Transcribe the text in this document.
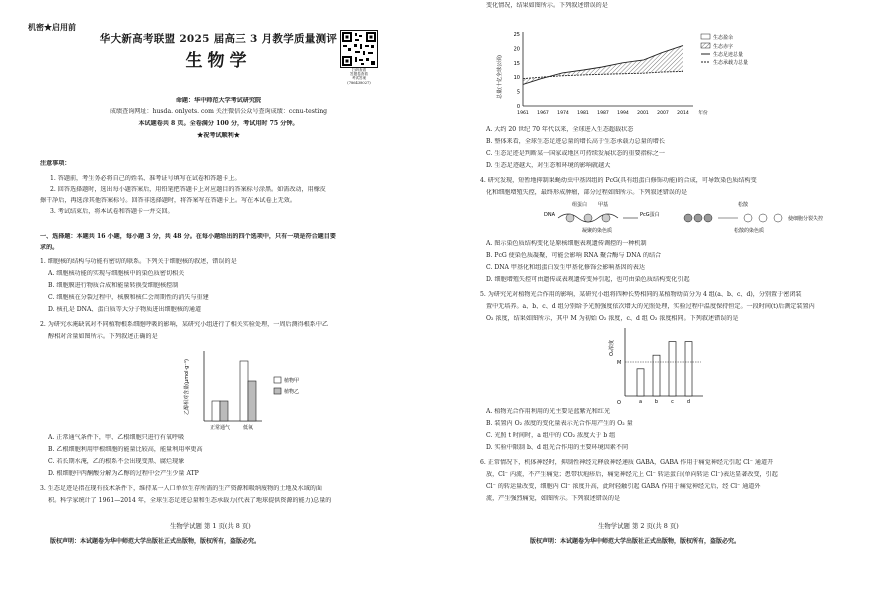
机密★启用前
华大新高考联盟 2025 届高三 3 月教学质量测评
生物学	扫码查看
答题卷查看
考试答案
(786438027)
命题：华中师范大学考试研究院
成绩查询网址：husda. onlyets. com 关注微信公众号查询成绩：ccnu-testing
本试题卷共 8 页。全卷满分 100 分，考试用时 75 分钟。
★祝考试顺利★
注意事项：
1. 答题前，考生务必将自己的姓名、准考证号填写在试卷和答题卡上。
2. 回答选择题时，选出每小题答案后，用铅笔把答题卡上对应题目的答案标号涂黑。如需改动，用橡皮
擦干净后，再选涂其他答案标号。回答非选择题时，将答案写在答题卡上。写在本试卷上无效。
3. 考试结束后，将本试卷和答题卡一并交回。
一、选择题：本题共 16 小题，每小题 3 分，共 48 分。在每小题给出的四个选项中，只有一项是符合题目要
求的。
1. 细胞核的结构与功能有密切的联系。下列关于细胞核的叙述，错误的是
A. 细胞核功能的实现与细胞核中的染色质密切相关
B. 细胞膜进行物质合成和能量转换受细胞核控制
C. 细胞核在分裂过程中，核膜和核仁会周期性的消失与重建
D. 核孔是 DNA、蛋白质等大分子物质进出细胞核的通道
2. 为研究水淹缺氧对不同植物根系细胞呼吸的影响，某研究小组进行了相关实验处理，一周后测得根系中乙
醇相对含量如图所示。下列叙述正确的是
乙醇相对含量(μmol·g⁻¹)
正常通气	低氧
植物甲
植物乙
A. 正常通气条件下，甲、乙根细胞只进行有氧呼吸
B. 乙根细胞利用甲根细胞的能量比较高，能量利用率更高
C. 若长期水淹，乙的根系不会出现变黑、腐烂现象
D. 根细胞中丙酮酸分解为乙醇的过程中会产生少量 ATP
3. 生态足迹是指在现有技术条件下，维持某一人口单位生存所需的生产资源和吸纳废物的土地及水域的面
积。科学家统计了 1961—2014 年，全球生态足迹总量和生态承载力(代表了地球提供资源的能力)总量的
生物学试题 第 1 页(共 8 页)
版权声明：本试题卷为华中师范大学出版社正式出版物，版权所有，盗版必究。
变化情况，结果如图所示。下列叙述错误的是
总量(十亿全球公顷)
0
5
10
15
20
25
1961 1967 1974 1981 1987 1994 2001 2007 2014 年份
生态盈余
生态赤字
生态足迹总量
生态承载力总量
A. 大约 20 世纪 70 年代以来，全球进入生态超载状态
B. 整体来看，全球生态足迹总量的增长高于生态承载力总量的增长
C. 生态足迹是判断某一国家或地区可持续发展状态的重要指标之一
D. 生态足迹越大，对生态和环境的影响就越大
4. 研究发现，短暂地抑制果蝇幼虫中基因组的 PcG(具有组蛋白修饰功能)的合成，可导致染色质结构变
化和细胞增殖失控，最终形成肿瘤，部分过程如图所示。下列叙述错误的是
DNA
组蛋白 甲基
PcG蛋白
松散
使细胞分裂失控
凝聚的染色质	松散的染色质
A. 图示染色质结构变化是原核细胞表观遗传调控的一种机制
B. PcG 使染色质凝聚，可能会影响 RNA 聚合酶与 DNA 的结合
C. DNA 甲基化和组蛋白发生甲基化修饰会影响基因的表达
D. 细胞增殖失控可由遗传或表观遗传变异引起，也可由染色质结构变化引起
5. 为研究光对植物光合作用的影响，某研究小组将四种长势相同的某植物幼苗分为 4 组(a、b、c、d)，分别置于密闭装
置中无培养。a、b、c、d 组分别给予光照强度依次增大的光照处理，实验过程中温度保持恒定。一段时间(t)后测定装置内
O₂ 浓度，结果如图所示，其中 M 为初始 O₂ 浓度，c、d 组 O₂ 浓度相同。下列叙述错误的是
O₂浓度
a	b	c	d
M
O
A. 植物光合作用利用的光主要是蓝紫光和红光
B. 装置内 O₂ 浓度的变化量表示光合作用产生的 O₂ 量
C. 光照 t 时间时，a 组中的 CO₂ 浓度大于 b 组
D. 实验中限制 b、d 组光合作用的主要环境因素不同
6. 正常情况下，机体神经时，抑制性神经元释放神经递质 GABA，GABA 作用于痛觉神经元引起 Cl⁻ 通道开
放，Cl⁻ 内流，不产生痛觉；患带状疱疹后，痛觉神经元上 Cl⁻ 转运蛋白(单向转运 Cl⁻)表达显著改变，引起
Cl⁻ 的转运量改变，细胞内 Cl⁻ 浓度升高，此时轻触引起 GABA 作用于痛觉神经元后，经 Cl⁻ 通道外
流，产生强烈痛觉，如图所示。下列叙述错误的是
生物学试题 第 2 页(共 8 页)
版权声明：本试题卷为华中师范大学出版社正式出版物，版权所有，盗版必究。
